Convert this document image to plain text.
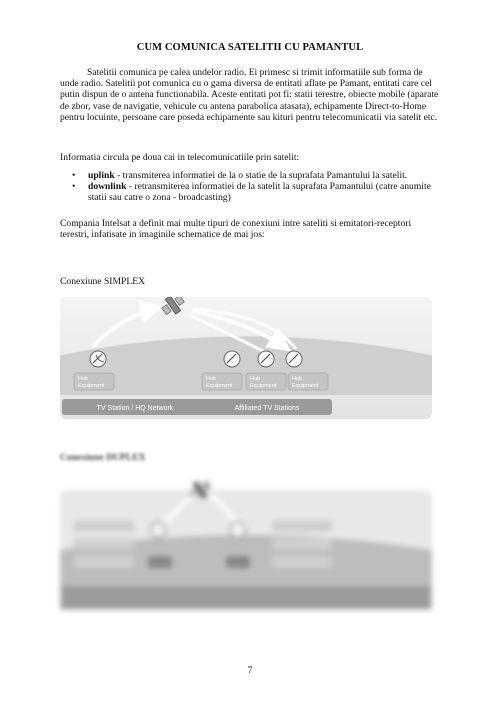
CUM COMUNICA SATELITII CU PAMANTUL

Satelitii comunica pe calea undelor radio. Ei primesc si trimit informatiile sub forma de unde radio. Satelitii pot comunica cu o gama diversa de entitati aflate pe Pamant, entitati care cel putin dispun de o antena functionabila. Aceste entitati pot fi: statii terestre, obiecte mobile (aparate de zbor, vase de navigatie, vehicule cu antena parabolica atasata), echipamente Direct-to-Home pentru locuinte, persoane care poseda echipamente sau kituri pentru telecomunicatii via satelit etc.

Informatia circula pe doua cai in telecomunicatiile prin satelit:

• uplink - transmiterea informatiei de la o statie de la suprafata Pamantului la satelit.
• downlink - retransmiterea informatiei de la satelit la suprafata Pamantului (catre anumite statii sau catre o zona - broadcasting)

Compania Intelsat a definit mai multe tipuri de conexiuni intre sateliti si emitatori-receptori terestri, infatisate in imaginile schematice de mai jos:

Conexiune SIMPLEX
Hub
Equipment
Hub
Equipment
Hub
Equipment
Hub
Equipment
TV Station / HQ Network	Affiliated TV Stations
Conexiune DUPLEX
7
